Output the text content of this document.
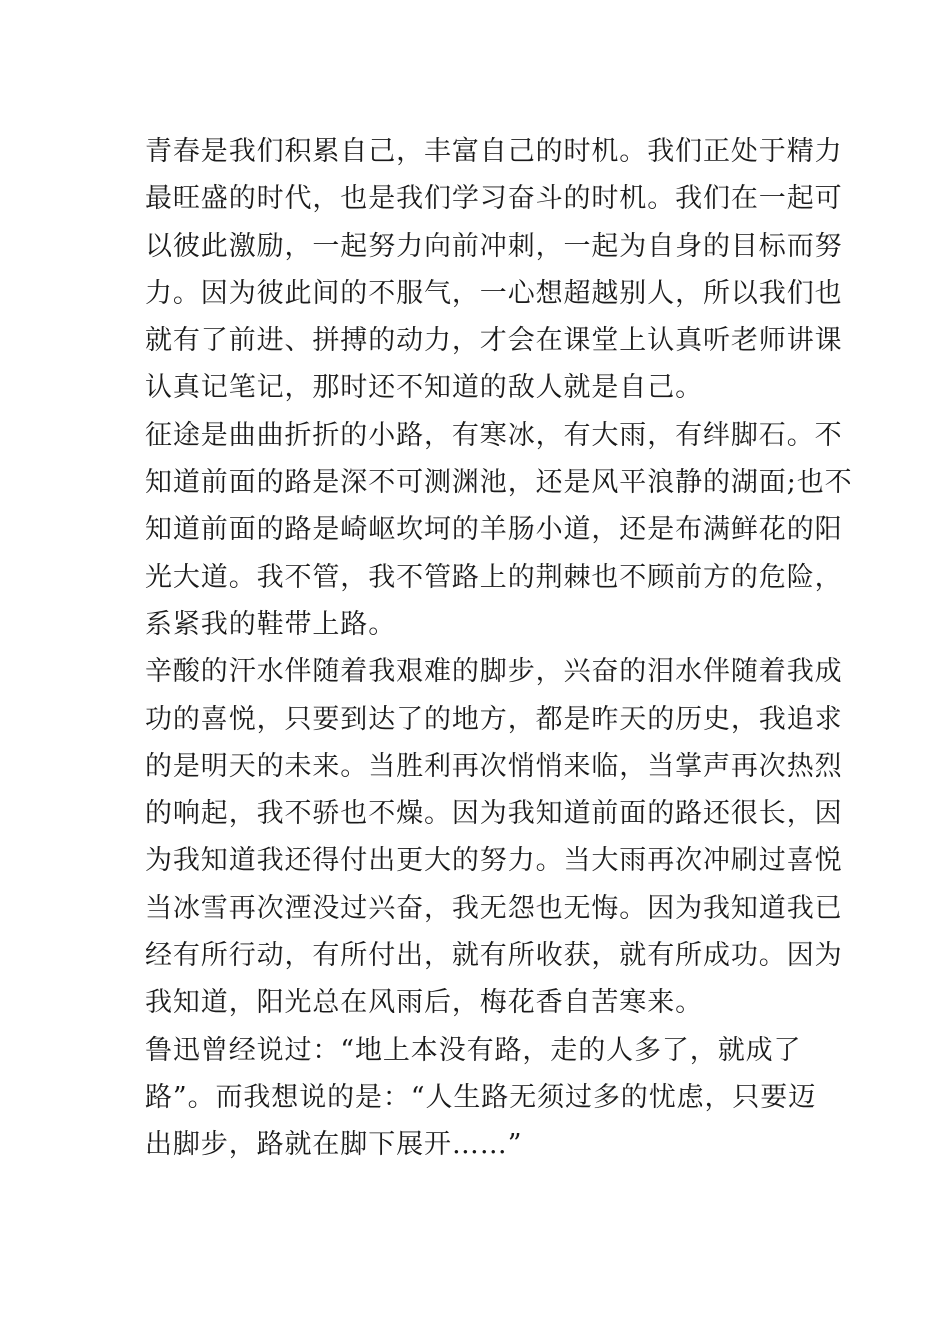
青春是我们积累自己，丰富自己的时机。我们正处于精力
最旺盛的时代，也是我们学习奋斗的时机。我们在一起可
以彼此激励，一起努力向前冲刺，一起为自身的目标而努
力。因为彼此间的不服气，一心想超越别人，所以我们也
就有了前进、拼搏的动力，才会在课堂上认真听老师讲课
认真记笔记，那时还不知道的敌人就是自己。
征途是曲曲折折的小路，有寒冰，有大雨，有绊脚石。不
知道前面的路是深不可测渊池，还是风平浪静的湖面;也不
知道前面的路是崎岖坎坷的羊肠小道，还是布满鲜花的阳
光大道。我不管，我不管路上的荆棘也不顾前方的危险，
系紧我的鞋带上路。
辛酸的汗水伴随着我艰难的脚步，兴奋的泪水伴随着我成
功的喜悦，只要到达了的地方，都是昨天的历史，我追求
的是明天的未来。当胜利再次悄悄来临，当掌声再次热烈
的响起，我不骄也不燥。因为我知道前面的路还很长，因
为我知道我还得付出更大的努力。当大雨再次冲刷过喜悦
当冰雪再次湮没过兴奋，我无怨也无悔。因为我知道我已
经有所行动，有所付出，就有所收获，就有所成功。因为
我知道，阳光总在风雨后，梅花香自苦寒来。
鲁迅曾经说过：“地上本没有路，走的人多了，就成了
路”。而我想说的是：“人生路无须过多的忧虑，只要迈
出脚步，路就在脚下展开……”
